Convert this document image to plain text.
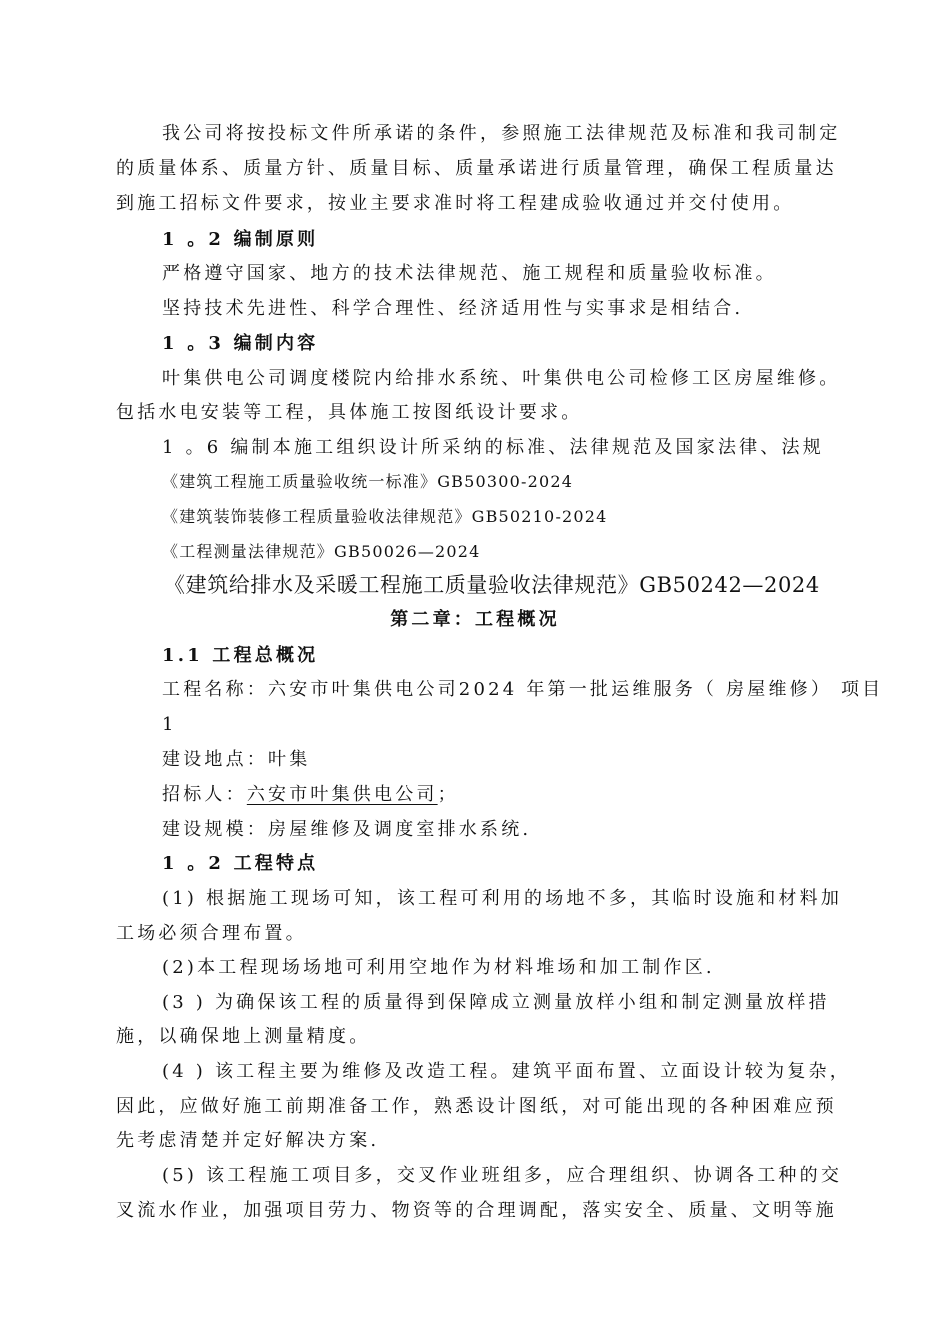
我公司将按投标文件所承诺的条件，参照施工法律规范及标准和我司制定
的质量体系、质量方针、质量目标、质量承诺进行质量管理，确保工程质量达
到施工招标文件要求，按业主要求准时将工程建成验收通过并交付使用。
1 。2 编制原则
严格遵守国家、地方的技术法律规范、施工规程和质量验收标准。
坚持技术先进性、科学合理性、经济适用性与实事求是相结合.
1 。3 编制内容
叶集供电公司调度楼院内给排水系统、叶集供电公司检修工区房屋维修。
包括水电安装等工程，具体施工按图纸设计要求。
1 。6 编制本施工组织设计所采纳的标准、法律规范及国家法律、法规
《建筑工程施工质量验收统一标准》GB50300-2024
《建筑装饰装修工程质量验收法律规范》GB50210-2024
《工程测量法律规范》GB50026—2024
《建筑给排水及采暖工程施工质量验收法律规范》GB50242—2024
第二章：工程概况
1.1 工程总概况
工程名称：六安市叶集供电公司2024 年第一批运维服务（ 房屋维修） 项目
1
建设地点：叶集
招标人：六安市叶集供电公司；
建设规模：房屋维修及调度室排水系统.
1 。2 工程特点
(1) 根据施工现场可知，该工程可利用的场地不多，其临时设施和材料加
工场必须合理布置。
(2)本工程现场场地可利用空地作为材料堆场和加工制作区.
(3 ) 为确保该工程的质量得到保障成立测量放样小组和制定测量放样措
施，以确保地上测量精度。
(4 ) 该工程主要为维修及改造工程。建筑平面布置、立面设计较为复杂，
因此，应做好施工前期准备工作，熟悉设计图纸，对可能出现的各种困难应预
先考虑清楚并定好解决方案.
(5) 该工程施工项目多，交叉作业班组多，应合理组织、协调各工种的交
叉流水作业，加强项目劳力、物资等的合理调配，落实安全、质量、文明等施
